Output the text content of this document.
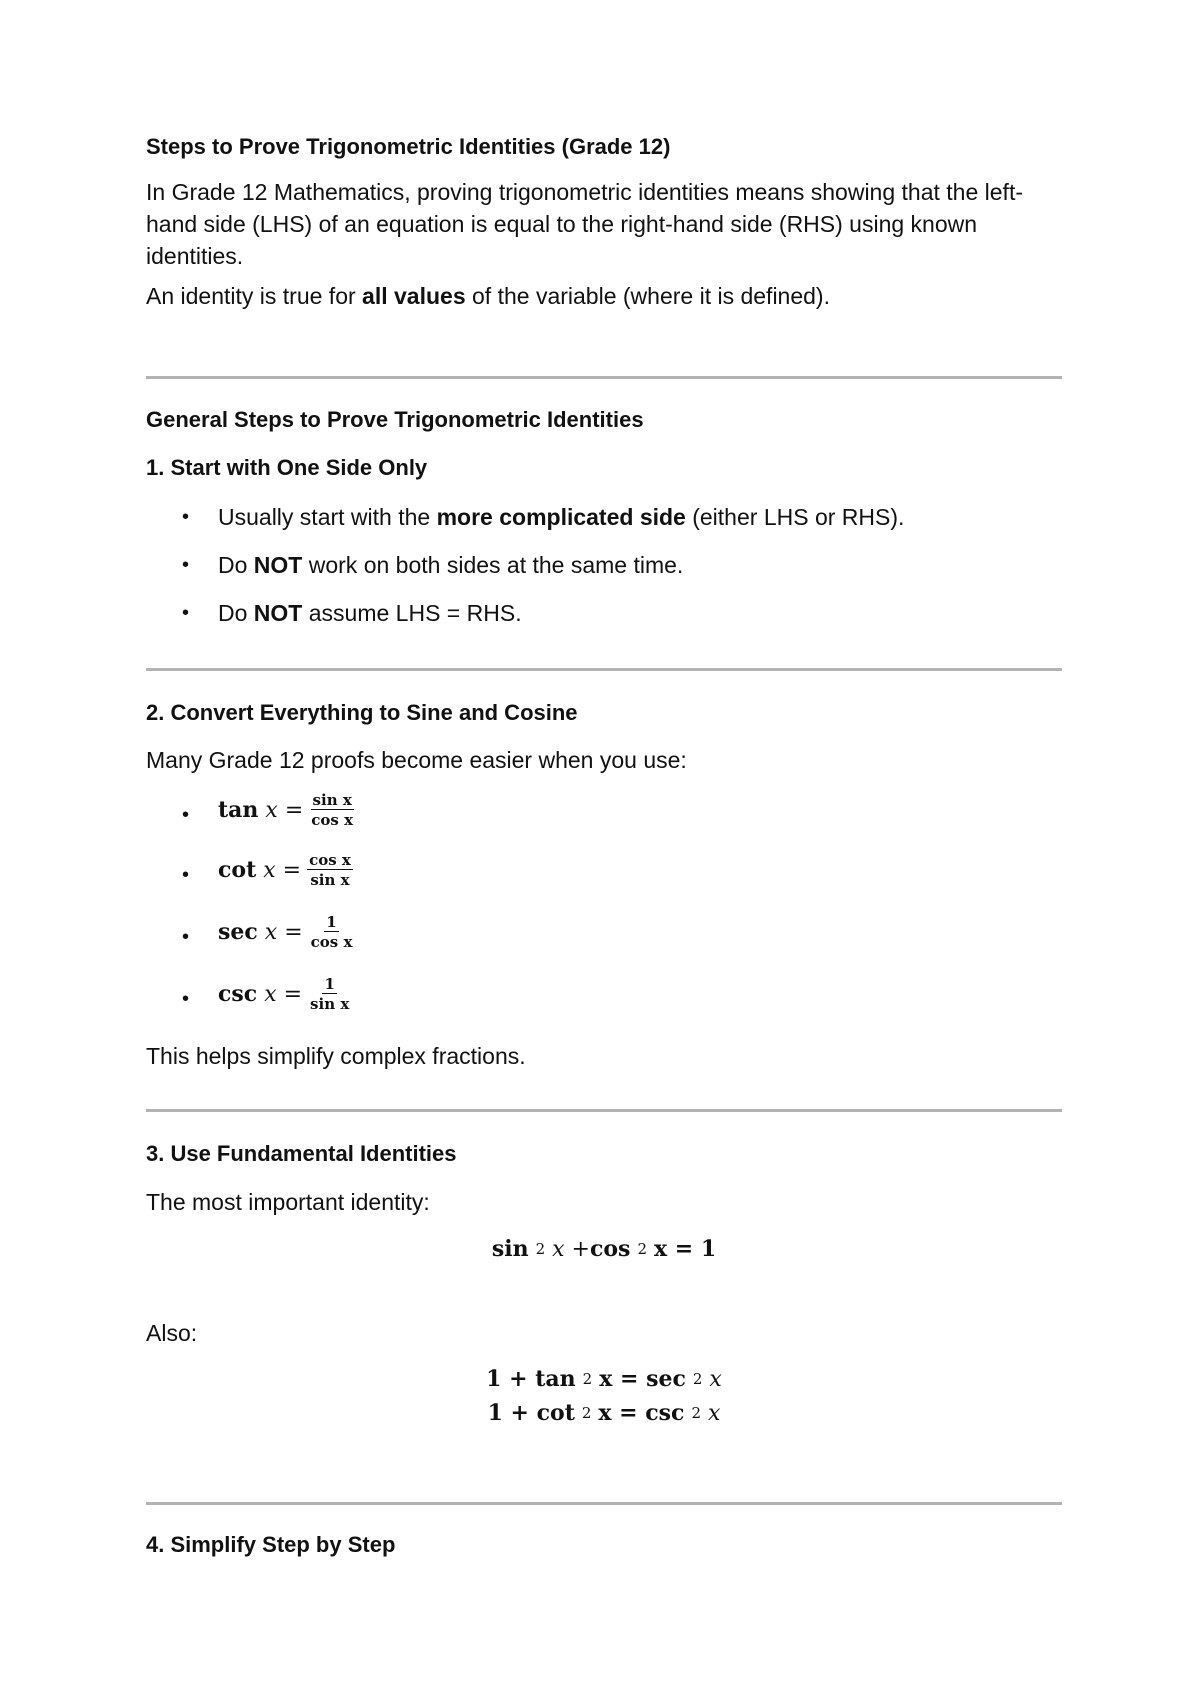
Steps to Prove Trigonometric Identities (Grade 12)
In Grade 12 Mathematics, proving trigonometric identities means showing that the left-hand side (LHS) of an equation is equal to the right-hand side (RHS) using known identities.
An identity is true for all values of the variable (where it is defined).
General Steps to Prove Trigonometric Identities
1. Start with One Side Only
• Usually start with the more complicated side (either LHS or RHS).
• Do NOT work on both sides at the same time.
• Do NOT assume LHS = RHS.
2. Convert Everything to Sine and Cosine
Many Grade 12 proofs become easier when you use:
• tan
x
= $\frac{\text{sin x}}{\text{cos x}}$
• cot
x
= $\frac{\text{cos x}}{\text{sin x}}$
• sec
x
= $\frac{1}{\text{cos x}}$
• csc
x
= $\frac{1}{\text{sin x}}$
This helps simplify complex fractions.
3. Use Fundamental Identities
The most important identity:
sin
2
x + cos
2
x = 1
Also:
1 + tan
2
x = sec
2
x
1 + cot
2
x = csc
2
x
4. Simplify Step by Step
